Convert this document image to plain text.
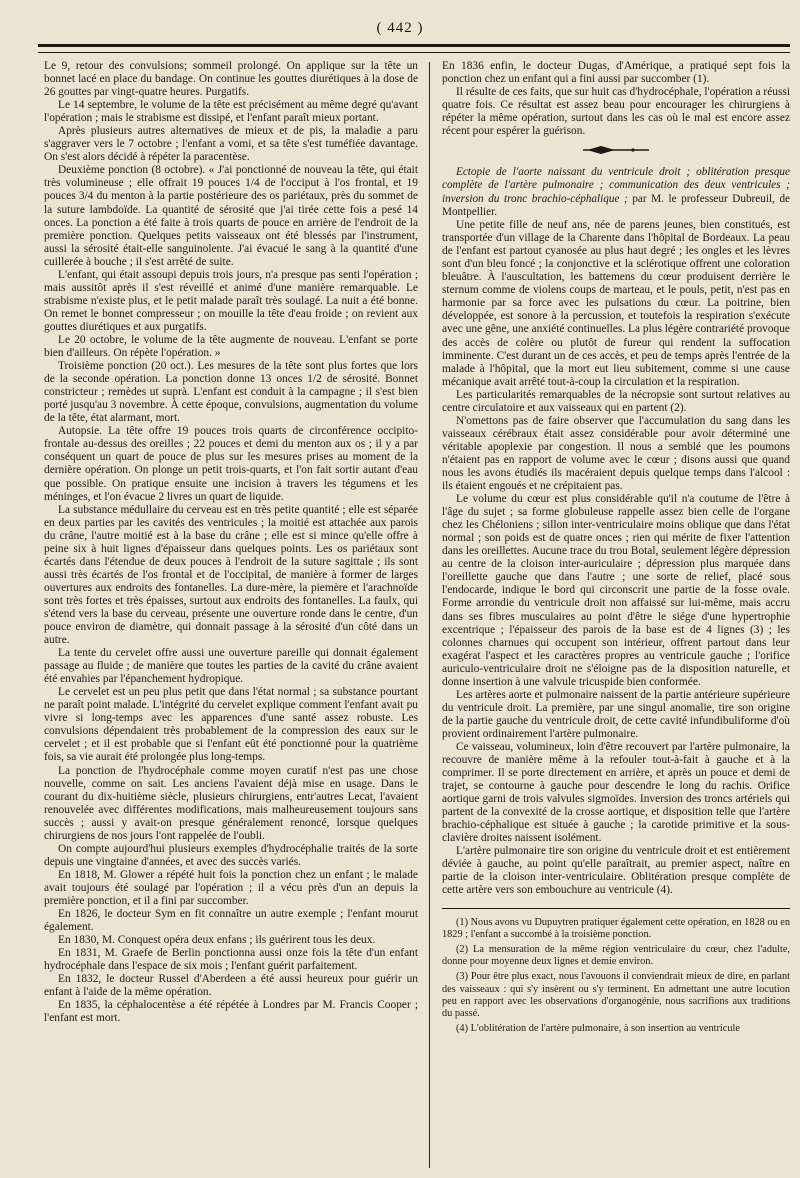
( 442 )

Le 9, retour des convulsions; sommeil prolongé. On applique sur la tête un bonnet lacé en place du bandage. On continue les gouttes diurétiques à la dose de 26 gouttes par vingt-quatre heures. Purgatifs.

Le 14 septembre, le volume de la tête est précisément au même degré qu'avant l'opération ; mais le strabisme est dissipé, et l'enfant paraît mieux portant.

Après plusieurs autres alternatives de mieux et de pis, la maladie a paru s'aggraver vers le 7 octobre ; l'enfant a vomi, et sa tête s'est tuméfiée davantage. On s'est alors décidé à répéter la paracentèse.

Deuxième ponction (8 octobre). « J'ai ponctionné de nouveau la tête, qui était très volumineuse ; elle offrait 19 pouces 1/4 de l'occiput à l'os frontal, et 19 pouces 3/4 du menton à la partie postérieure des os pariétaux, près du sommet de la suture lambdoïde. La quantité de sérosité que j'ai tirée cette fois a pesé 14 onces. La ponction a été faite à trois quarts de pouce en arrière de l'endroit de la première ponction. Quelques petits vaisseaux ont été blessés par l'instrument, aussi la sérosité était-elle sanguinolente. J'ai évacué le sang à la quantité d'une cuillerée à bouche ; il s'est arrêté de suite.

L'enfant, qui était assoupi depuis trois jours, n'a presque pas senti l'opération ; mais aussitôt après il s'est réveillé et animé d'une manière remarquable. Le strabisme n'existe plus, et le petit malade paraît très soulagé. La nuit a été bonne. On remet le bonnet compresseur ; on mouille la tête d'eau froide ; on revient aux gouttes diurétiques et aux purgatifs.

Le 20 octobre, le volume de la tête augmente de nouveau. L'enfant se porte bien d'ailleurs. On répète l'opération. »

Troisième ponction (20 oct.). Les mesures de la tête sont plus fortes que lors de la seconde opération. La ponction donne 13 onces 1/2 de sérosité. Bonnet constricteur ; remèdes ut suprà. L'enfant est conduit à la campagne ; il s'est bien porté jusqu'au 3 novembre. À cette époque, convulsions, augmentation du volume de la tête, état alarmant, mort.

Autopsie. La tête offre 19 pouces trois quarts de circonférence occipito-frontale au-dessus des oreilles ; 22 pouces et demi du menton aux os ; il y a par conséquent un quart de pouce de plus sur les mesures prises au moment de la dernière opération. On plonge un petit trois-quarts, et l'on fait sortir autant d'eau que possible. On pratique ensuite une incision à travers les tégumens et les méninges, et l'on évacue 2 livres un quart de liquide.

La substance médullaire du cerveau est en très petite quantité ; elle est séparée en deux parties par les cavités des ventricules ; la moitié est attachée aux parois du crâne, l'autre moitié est à la base du crâne ; elle est si mince qu'elle offre à peine six à huit lignes d'épaisseur dans quelques points. Les os pariétaux sont écartés dans l'étendue de deux pouces à l'endroit de la suture sagittale ; ils sont aussi très écartés de l'os frontal et de l'occipital, de manière à former de larges ouvertures aux endroits des fontanelles. La dure-mère, la piemère et l'arachnoïde sont très fortes et très épaisses, surtout aux endroits des fontanelles. La faulx, qui s'étend vers la base du cerveau, présente une ouverture ronde dans le centre, d'un pouce environ de diamètre, qui donnait passage à la sérosité d'un côté dans un autre.

La tente du cervelet offre aussi une ouverture pareille qui donnait également passage au fluide ; de manière que toutes les parties de la cavité du crâne avaient été envahies par l'épanchement hydropique.

Le cervelet est un peu plus petit que dans l'état normal ; sa substance pourtant ne paraît point malade. L'intégrité du cervelet explique comment l'enfant avait pu vivre si long-temps avec les apparences d'une santé assez robuste. Les convulsions dépendaient très probablement de la compression des eaux sur le cervelet ; et il est probable que si l'enfant eût été ponctionné pour la quatrième fois, sa vie aurait été prolongée plus long-temps.

La ponction de l'hydrocéphale comme moyen curatif n'est pas une chose nouvelle, comme on sait. Les anciens l'avaient déjà mise en usage. Dans le courant du dix-huitième siècle, plusieurs chirurgiens, entr'autres Lecat, l'avaient renouvelée avec différentes modifications, mais malheureusement toujours sans succès ; aussi y avait-on presque généralement renoncé, lorsque quelques chirurgiens de nos jours l'ont rappelée de l'oubli.

On compte aujourd'hui plusieurs exemples d'hydrocéphalie traités de la sorte depuis une vingtaine d'années, et avec des succès variés.

En 1818, M. Glower a répété huit fois la ponction chez un enfant ; le malade avait toujours été soulagé par l'opération ; il a vécu près d'un an depuis la première ponction, et il a fini par succomber.

En 1826, le docteur Sym en fit connaître un autre exemple ; l'enfant mourut également.

En 1830, M. Conquest opéra deux enfans ; ils guérirent tous les deux.

En 1831, M. Graefe de Berlin ponctionna aussi onze fois la tête d'un enfant hydrocéphale dans l'espace de six mois ; l'enfant guérit parfaitement.

En 1832, le docteur Russel d'Aberdeen a été aussi heureux pour guérir un enfant à l'aide de la même opération.

En 1835, la céphalocentèse a été répétée à Londres par M. Francis Cooper ; l'enfant est mort.

En 1836 enfin, le docteur Dugas, d'Amérique, a pratiqué sept fois la ponction chez un enfant qui a fini aussi par succomber (1).

Il résulte de ces faits, que sur huit cas d'hydrocéphale, l'opération a réussi quatre fois. Ce résultat est assez beau pour encourager les chirurgiens à répéter la même opération, surtout dans les cas où le mal est encore assez récent pour espérer la guérison.

Ectopie de l'aorte naissant du ventricule droit ; oblitération presque complète de l'artère pulmonaire ; communication des deux ventricules ; inversion du tronc brachio-céphalique ; par M. le professeur Dubreuil, de Montpellier.

Une petite fille de neuf ans, née de parens jeunes, bien constitués, est transportée d'un village de la Charente dans l'hôpital de Bordeaux. La peau de l'enfant est partout cyanosée au plus haut degré ; les ongles et les lèvres sont d'un bleu foncé ; la conjonctive et la sclérotique offrent une coloration bleuâtre. À l'auscultation, les battemens du cœur produisent derrière le sternum comme de violens coups de marteau, et le pouls, petit, n'est pas en harmonie par sa force avec les pulsations du cœur. La poitrine, bien développée, est sonore à la percussion, et toutefois la respiration s'exécute avec une gêne, une anxiété continuelles. La plus légère contrariété provoque des accès de colère ou plutôt de fureur qui rendent la suffocation imminente. C'est durant un de ces accès, et peu de temps après l'entrée de la malade à l'hôpital, que la mort eut lieu subitement, comme si une cause mécanique avait arrêté tout-à-coup la circulation et la respiration.

Les particularités remarquables de la nécropsie sont surtout relatives au centre circulatoire et aux vaisseaux qui en partent (2).

N'omettons pas de faire observer que l'accumulation du sang dans les vaisseaux cérébraux était assez considérable pour avoir déterminé une véritable apoplexie par congestion. Il nous a semblé que les poumons n'étaient pas en rapport de volume avec le cœur ; disons aussi que quand nous les avons étudiés ils macéraient depuis quelque temps dans l'alcool : ils étaient engoués et ne crépitaient pas.

Le volume du cœur est plus considérable qu'il n'a coutume de l'être à l'âge du sujet ; sa forme globuleuse rappelle assez bien celle de l'organe chez les Chéloniens ; sillon inter-ventriculaire moins oblique que dans l'état normal ; son poids est de quatre onces ; rien qui mérite de fixer l'attention dans les oreillettes. Aucune trace du trou Botal, seulement légère dépression au centre de la cloison inter-auriculaire ; dépression plus marquée dans l'oreillette gauche que dans l'autre ; une sorte de relief, placé sous l'endocarde, indique le bord qui circonscrit une partie de la fosse ovale. Forme arrondie du ventricule droit non affaissé sur lui-même, mais accru dans ses fibres musculaires au point d'être le siége d'une hypertrophie excentrique ; l'épaisseur des parois de la base est de 4 lignes (3) ; les colonnes charnues qui occupent son intérieur, offrent partout dans leur exagérat l'aspect et les caractères propres au ventricule gauche ; l'orifice auriculo-ventriculaire droit ne s'éloigne pas de la disposition naturelle, et donne insertion à une valvule tricuspide bien conformée.

Les artères aorte et pulmonaire naissent de la partie antérieure supérieure du ventricule droit. La première, par une singul anomalie, tire son origine de la partie gauche du ventricule droit, de cette cavité infundibuliforme d'où provient ordinairement l'artère pulmonaire.

Ce vaisseau, volumineux, loin d'être recouvert par l'artère pulmonaire, la recouvre de manière même à la refouler tout-à-fait à gauche et à la comprimer. Il se porte directement en arrière, et après un pouce et demi de trajet, se contourne à gauche pour descendre le long du rachis. Orifice aortique garni de trois valvules sigmoïdes. Inversion des troncs artériels qui partent de la convexité de la crosse aortique, et disposition telle que l'artère brachio-céphalique est située à gauche ; la carotide primitive et la sous-clavière droites naissent isolément.

L'artère pulmonaire tire son origine du ventricule droit et est entièrement déviée à gauche, au point qu'elle paraîtrait, au premier aspect, naître en partie de la cloison inter-ventriculaire. Oblitération presque complète de cette artère vers son embouchure au ventricule (4).

(1) Nous avons vu Dupuytren pratiquer également cette opération, en 1828 ou en 1829 ; l'enfant a succombé à la troisième ponction.

(2) La mensuration de la même région ventriculaire du cœur, chez l'adulte, donne pour moyenne deux lignes et demie environ.

(3) Pour être plus exact, nous l'avouons il conviendrait mieux de dire, en parlant des vaisseaux : qui s'y insèrent ou s'y terminent. En admettant une autre locution peu en rapport avec les observations d'organogénie, nous sacrifions aux traditions du passé.

(4) L'oblitération de l'artère pulmonaire, à son insertion au ventricule
